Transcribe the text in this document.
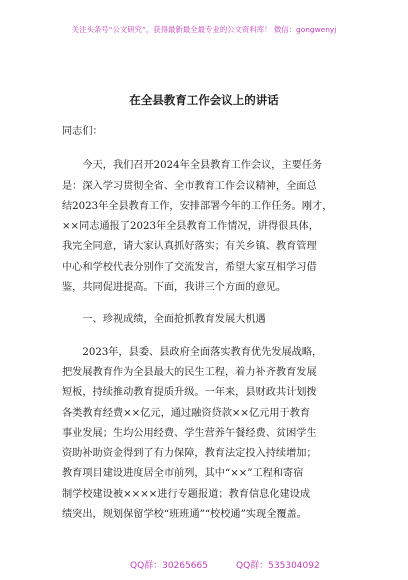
关注头条号“公文研究”，获得最新最全最专业的公文资料库！ 微信：gongwenyj
在全县教育工作会议上的讲话
同志们：
　　今天，我们召开2024年全县教育工作会议，主要任务
是：深入学习贯彻全省、全市教育工作会议精神，全面总
结2023年全县教育工作，安排部署今年的工作任务。刚才，
××同志通报了2023年全县教育工作情况，讲得很具体，
我完全同意，请大家认真抓好落实；有关乡镇、教育管理
中心和学校代表分别作了交流发言，希望大家互相学习借
鉴，共同促进提高。下面，我讲三个方面的意见。
　　一、珍视成绩，全面抢抓教育发展大机遇
　　2023年，县委、县政府全面落实教育优先发展战略，
把发展教育作为全县最大的民生工程，着力补齐教育发展
短板，持续推动教育提质升级。一年来，县财政共计划拨
各类教育经费××亿元，通过融资贷款××亿元用于教育
事业发展；生均公用经费、学生营养午餐经费、贫困学生
资助补助资金得到了有力保障，教育法定投入持续增加；
教育项目建设进度居全市前列，其中“××”工程和寄宿
制学校建设被××××进行专题报道；教育信息化建设成
绩突出，规划保留学校“班班通”“校校通”实现全覆盖。
QQ群：30265665	QQ群：535304092
